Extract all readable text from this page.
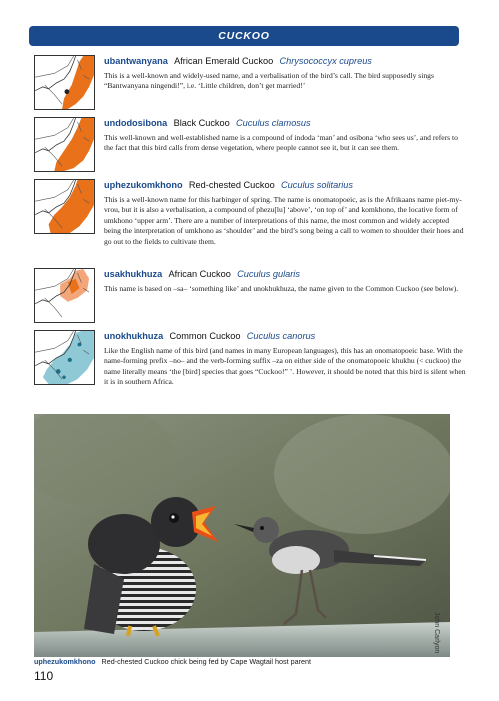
CUCKOO
ubantwanyana African Emerald Cuckoo Chrysococcyx cupreus

This is a well-known and widely-used name, and a verbalisation of the bird’s call. The bird supposedly sings “Bantwanyana ningendi!”, i.e. ‘Little children, don’t get married!’

undodosibona Black Cuckoo Cuculus clamosus

This well-known and well-established name is a compound of indoda ‘man’ and osibona ‘who sees us’, and refers to the fact that this bird calls from dense vegetation, where people cannot see it, but it can see them.

uphezukomkhono Red-chested Cuckoo Cuculus solitarius

This is a well-known name for this harbinger of spring. The name is onomatopoeic, as is the Afrikaans name piet-my-vrou, but it is also a verbalisation, a compound of phezu[lu] ‘above’, ‘on top of’ and komkhono, the locative form of umkhono ‘upper arm’. There are a number of interpretations of this name, the most common and widely accepted being the interpretation of umkhono as ‘shoulder’ and the bird’s song being a call to women to shoulder their hoes and go out to the fields to cultivate them.

usakhukhuza African Cuckoo Cuculus gularis

This name is based on –sa– ‘something like’ and unokhukhuza, the name given to the Common Cuckoo (see below).

unokhukhuza Common Cuckoo Cuculus canorus

Like the English name of this bird (and names in many European languages), this has an onomatopoeic base. With the name-forming prefix –no– and the verb-forming suffix –za on either side of the onomatopoeic khukhu (< cuckoo) the name literally means ‘the [bird] species that goes “Cuckoo!” ’. However, it should be noted that this bird is silent when it is in southern Africa.

John Carlyon
uphezukomkhono Red-chested Cuckoo chick being fed by Cape Wagtail host parent
110
